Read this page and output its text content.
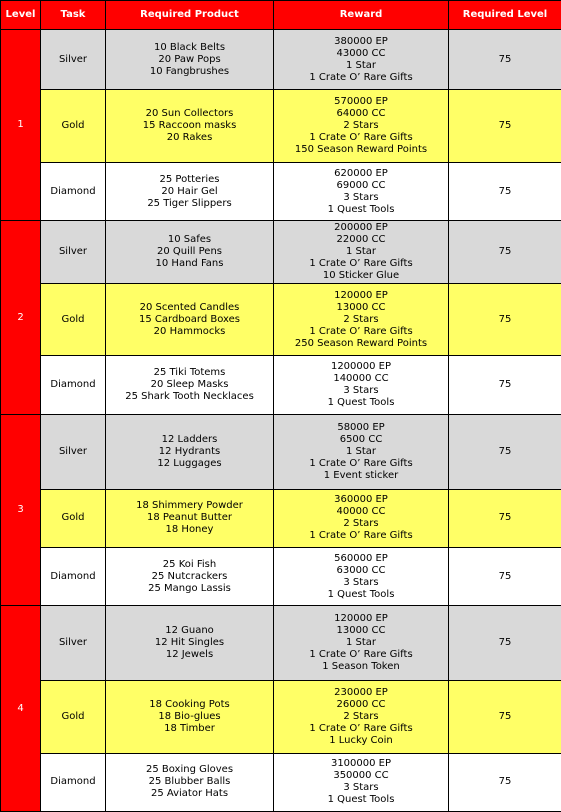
Level	Task	Required Product	Reward	Required Level
1	Silver	10 Black Belts
20 Paw Pops
10 Fangbrushes	380000 EP
43000 CC
1 Star
1 Crate O’ Rare Gifts	75
	Gold	20 Sun Collectors
15 Raccoon masks
20 Rakes	570000 EP
64000 CC
2 Stars
1 Crate O’ Rare Gifts
150 Season Reward Points	75
	Diamond	25 Potteries
20 Hair Gel
25 Tiger Slippers	620000 EP
69000 CC
3 Stars
1 Quest Tools	75
2	Silver	10 Safes
20 Quill Pens
10 Hand Fans	200000 EP
22000 CC
1 Star
1 Crate O’ Rare Gifts
10 Sticker Glue	75
	Gold	20 Scented Candles
15 Cardboard Boxes
20 Hammocks	120000 EP
13000 CC
2 Stars
1 Crate O’ Rare Gifts
250 Season Reward Points	75
	Diamond	25 Tiki Totems
20 Sleep Masks
25 Shark Tooth Necklaces	1200000 EP
140000 CC
3 Stars
1 Quest Tools	75
3	Silver	12 Ladders
12 Hydrants
12 Luggages	58000 EP
6500 CC
1 Star
1 Crate O’ Rare Gifts
1 Event sticker	75
	Gold	18 Shimmery Powder
18 Peanut Butter
18 Honey	360000 EP
40000 CC
2 Stars
1 Crate O’ Rare Gifts	75
	Diamond	25 Koi Fish
25 Nutcrackers
25 Mango Lassis	560000 EP
63000 CC
3 Stars
1 Quest Tools	75
4	Silver	12 Guano
12 Hit Singles
12 Jewels	120000 EP
13000 CC
1 Star
1 Crate O’ Rare Gifts
1 Season Token	75
	Gold	18 Cooking Pots
18 Bio-glues
18 Timber	230000 EP
26000 CC
2 Stars
1 Crate O’ Rare Gifts
1 Lucky Coin	75
	Diamond	25 Boxing Gloves
25 Blubber Balls
25 Aviator Hats	3100000 EP
350000 CC
3 Stars
1 Quest Tools	75
